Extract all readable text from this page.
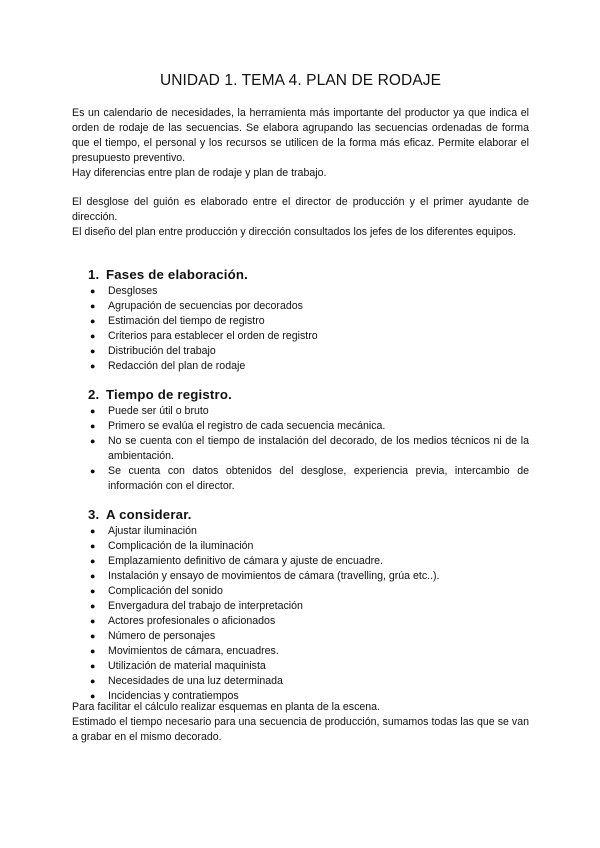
UNIDAD 1. TEMA 4. PLAN DE RODAJE

Es un calendario de necesidades, la herramienta más importante del productor ya que indica el orden de rodaje de las secuencias. Se elabora agrupando las secuencias ordenadas de forma que el tiempo, el personal y los recursos se utilicen de la forma más eficaz. Permite elaborar el presupuesto preventivo.

Hay diferencias entre plan de rodaje y plan de trabajo.

El desglose del guión es elaborado entre el director de producción y el primer ayudante de dirección.

El diseño del plan entre producción y dirección consultados los jefes de los diferentes equipos.

1. Fases de elaboración.
● Desgloses
● Agrupación de secuencias por decorados
● Estimación del tiempo de registro
● Criterios para establecer el orden de registro
● Distribución del trabajo
● Redacción del plan de rodaje
2. Tiempo de registro.
● Puede ser útil o bruto
● Primero se evalúa el registro de cada secuencia mecánica.
● No se cuenta con el tiempo de instalación del decorado, de los medios técnicos ni de la ambientación.
● Se cuenta con datos obtenidos del desglose, experiencia previa, intercambio de información con el director.
3. A considerar.
● Ajustar iluminación
● Complicación de la iluminación
● Emplazamiento definitivo de cámara y ajuste de encuadre.
● Instalación y ensayo de movimientos de cámara (travelling, grúa etc..).
● Complicación del sonido
● Envergadura del trabajo de interpretación
● Actores profesionales o aficionados
● Número de personajes
● Movimientos de cámara, encuadres.
● Utilización de material maquinista
● Necesidades de una luz determinada
● Incidencias y contratiempos

Para facilitar el cálculo realizar esquemas en planta de la escena.

Estimado el tiempo necesario para una secuencia de producción, sumamos todas las que se van a grabar en el mismo decorado.
